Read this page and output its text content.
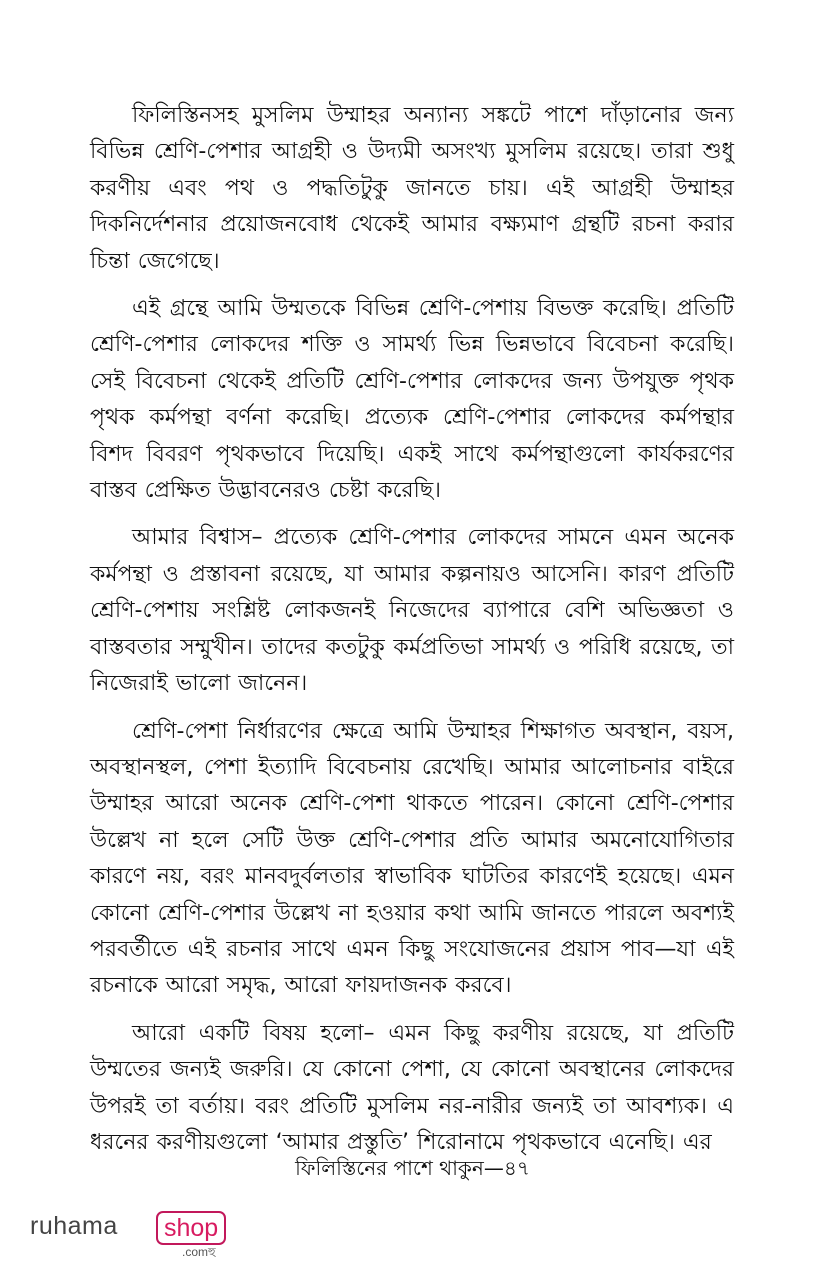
ফিলিস্তিনসহ মুসলিম উম্মাহর অন্যান্য সঙ্কটে পাশে দাঁড়ানোর জন্য বিভিন্ন শ্রেণি-পেশার আগ্রহী ও উদ্যমী অসংখ্য মুসলিম রয়েছে। তারা শুধু করণীয় এবং পথ ও পদ্ধতিটুকু জানতে চায়। এই আগ্রহী উম্মাহর দিকনির্দেশনার প্রয়োজনবোধ থেকেই আমার বক্ষ্যমাণ গ্রন্থটি রচনা করার চিন্তা জেগেছে।

এই গ্রন্থে আমি উম্মতকে বিভিন্ন শ্রেণি-পেশায় বিভক্ত করেছি। প্রতিটি শ্রেণি-পেশার লোকদের শক্তি ও সামর্থ্য ভিন্ন ভিন্নভাবে বিবেচনা করেছি। সেই বিবেচনা থেকেই প্রতিটি শ্রেণি-পেশার লোকদের জন্য উপযুক্ত পৃথক পৃথক কর্মপন্থা বর্ণনা করেছি। প্রত্যেক শ্রেণি-পেশার লোকদের কর্মপন্থার বিশদ বিবরণ পৃথকভাবে দিয়েছি। একই সাথে কর্মপন্থাগুলো কার্যকরণের বাস্তব প্রেক্ষিত উদ্ভাবনেরও চেষ্টা করেছি।

আমার বিশ্বাস– প্রত্যেক শ্রেণি-পেশার লোকদের সামনে এমন অনেক কর্মপন্থা ও প্রস্তাবনা রয়েছে, যা আমার কল্পনায়ও আসেনি। কারণ প্রতিটি শ্রেণি-পেশায় সংশ্লিষ্ট লোকজনই নিজেদের ব্যাপারে বেশি অভিজ্ঞতা ও বাস্তবতার সম্মুখীন। তাদের কতটুকু কর্মপ্রতিভা সামর্থ্য ও পরিধি রয়েছে, তা নিজেরাই ভালো জানেন।

শ্রেণি-পেশা নির্ধারণের ক্ষেত্রে আমি উম্মাহর শিক্ষাগত অবস্থান, বয়স, অবস্থানস্থল, পেশা ইত্যাদি বিবেচনায় রেখেছি। আমার আলোচনার বাইরে উম্মাহর আরো অনেক শ্রেণি-পেশা থাকতে পারেন। কোনো শ্রেণি-পেশার উল্লেখ না হলে সেটি উক্ত শ্রেণি-পেশার প্রতি আমার অমনোযোগিতার কারণে নয়, বরং মানবদুর্বলতার স্বাভাবিক ঘাটতির কারণেই হয়েছে। এমন কোনো শ্রেণি-পেশার উল্লেখ না হওয়ার কথা আমি জানতে পারলে অবশ্যই পরবর্তীতে এই রচনার সাথে এমন কিছু সংযোজনের প্রয়াস পাব—যা এই রচনাকে আরো সমৃদ্ধ, আরো ফায়দাজনক করবে।

আরো একটি বিষয় হলো– এমন কিছু করণীয় রয়েছে, যা প্রতিটি উম্মতের জন্যই জরুরি। যে কোনো পেশা, যে কোনো অবস্থানের লোকদের উপরই তা বর্তায়। বরং প্রতিটি মুসলিম নর-নারীর জন্যই তা আবশ্যক। এ ধরনের করণীয়গুলো ‘আমার প্রস্তুতি’ শিরোনামে পৃথকভাবে এনেছি। এর

ফিলিস্তিনের পাশে থাকুন—৪৭
ruhama	shop
.comহু
